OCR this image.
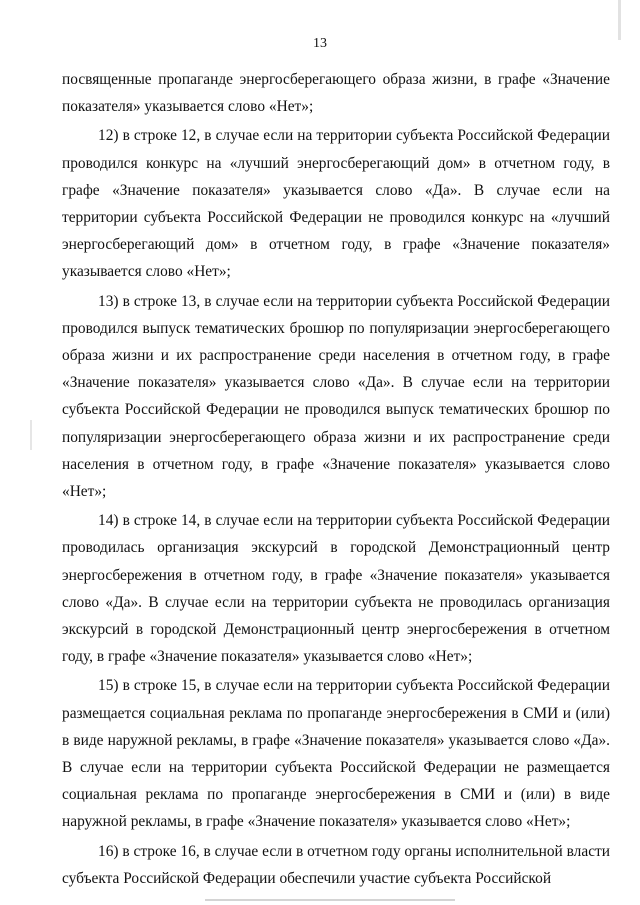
13

посвященные пропаганде энергосберегающего образа жизни, в графе «Значение показателя» указывается слово «Нет»;

12) в строке 12, в случае если на территории субъекта Российской Федерации проводился конкурс на «лучший энергосберегающий дом» в отчетном году, в графе «Значение показателя» указывается слово «Да». В случае если на территории субъекта Российской Федерации не проводился конкурс на «лучший энергосберегающий дом» в отчетном году, в графе «Значение показателя» указывается слово «Нет»;

13) в строке 13, в случае если на территории субъекта Российской Федерации проводился выпуск тематических брошюр по популяризации энергосберегающего образа жизни и их распространение среди населения в отчетном году, в графе «Значение показателя» указывается слово «Да». В случае если на территории субъекта Российской Федерации не проводился выпуск тематических брошюр по популяризации энергосберегающего образа жизни и их распространение среди населения в отчетном году, в графе «Значение показателя» указывается слово «Нет»;

14) в строке 14, в случае если на территории субъекта Российской Федерации проводилась организация экскурсий в городской Демонстрационный центр энергосбережения в отчетном году, в графе «Значение показателя» указывается слово «Да». В случае если на территории субъекта не проводилась организация экскурсий в городской Демонстрационный центр энергосбережения в отчетном году, в графе «Значение показателя» указывается слово «Нет»;

15) в строке 15, в случае если на территории субъекта Российской Федерации размещается социальная реклама по пропаганде энергосбережения в СМИ и (или) в виде наружной рекламы, в графе «Значение показателя» указывается слово «Да». В случае если на территории субъекта Российской Федерации не размещается социальная реклама по пропаганде энергосбережения в СМИ и (или) в виде наружной рекламы, в графе «Значение показателя» указывается слово «Нет»;

16) в строке 16, в случае если в отчетном году органы исполнительной власти субъекта Российской Федерации обеспечили участие субъекта Российской
